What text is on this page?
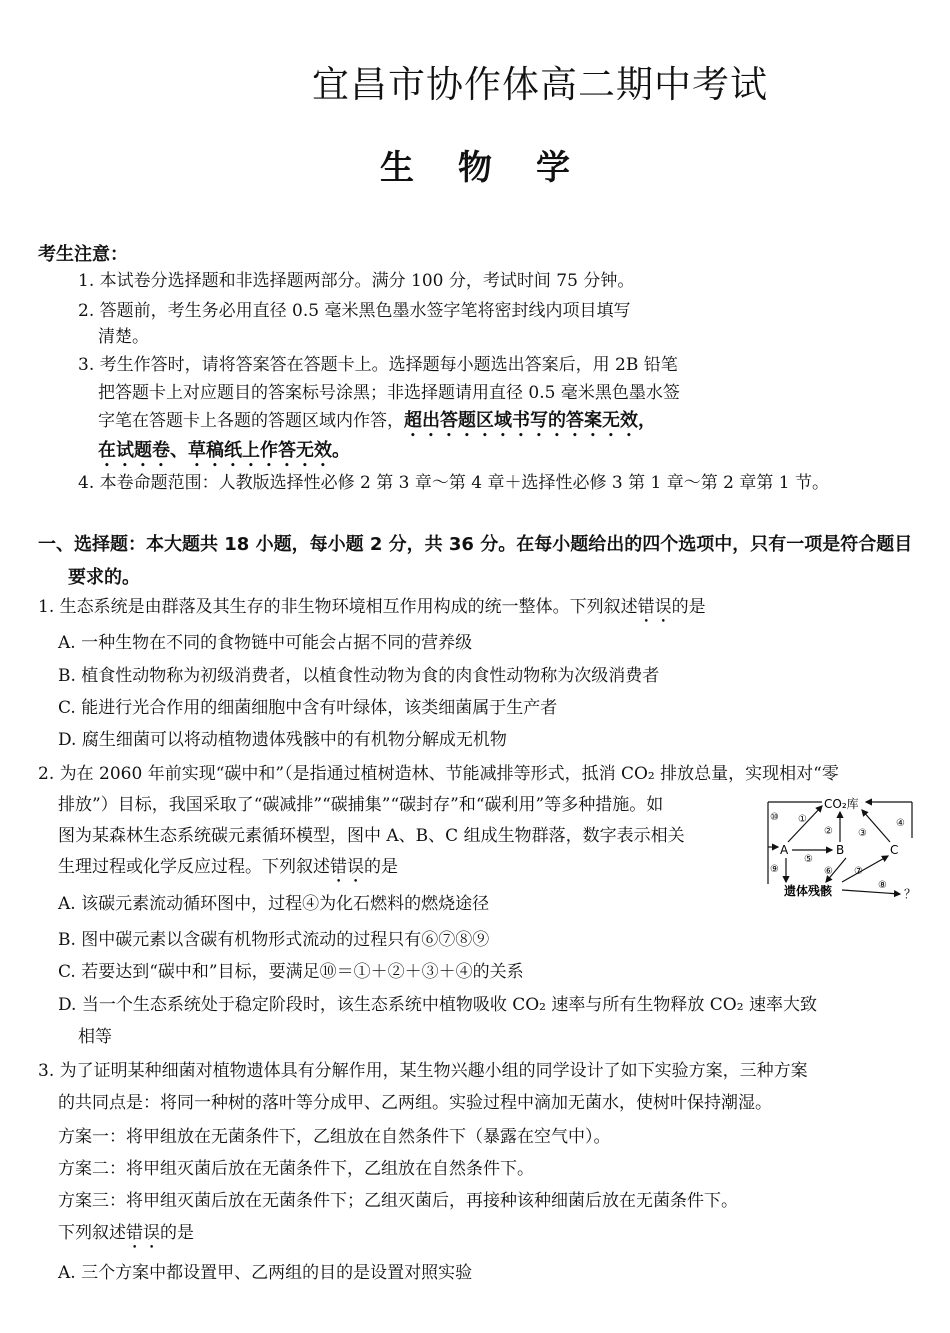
宜昌市协作体高二期中考试
生 物 学
考生注意：
1. 本试卷分选择题和非选择题两部分。满分 100 分，考试时间 75 分钟。
2. 答题前，考生务必用直径 0.5 毫米黑色墨水签字笔将密封线内项目填写
清楚。
3. 考生作答时，请将答案答在答题卡上。选择题每小题选出答案后，用 2B 铅笔
把答题卡上对应题目的答案标号涂黑；非选择题请用直径 0.5 毫米黑色墨水签
字笔在答题卡上各题的答题区域内作答，超出答题区域书写的答案无效，
在试题卷、草稿纸上作答无效。
4. 本卷命题范围：人教版选择性必修 2 第 3 章～第 4 章＋选择性必修 3 第 1 章～第 2 章第 1 节。
一、选择题：本大题共 18 小题，每小题 2 分，共 36 分。在每小题给出的四个选项中，只有一项是符合题目
要求的。
1. 生态系统是由群落及其生存的非生物环境相互作用构成的统一整体。下列叙述错误的是
A. 一种生物在不同的食物链中可能会占据不同的营养级
B. 植食性动物称为初级消费者，以植食性动物为食的肉食性动物称为次级消费者
C. 能进行光合作用的细菌细胞中含有叶绿体，该类细菌属于生产者
D. 腐生细菌可以将动植物遗体残骸中的有机物分解成无机物
2. 为在 2060 年前实现“碳中和”（是指通过植树造林、节能减排等形式，抵消 CO₂ 排放总量，实现相对“零
排放”）目标，我国采取了“碳减排”“碳捕集”“碳封存”和“碳利用”等多种措施。如
图为某森林生态系统碳元素循环模型，图中 A、B、C 组成生物群落，数字表示相关
生理过程或化学反应过程。下列叙述错误的是
CO₂库
A	B	C
遗体残骸	？
①
②	③
④
⑤
⑥ ⑦
⑧
⑨
⑩
A. 该碳元素流动循环图中，过程④为化石燃料的燃烧途径
B. 图中碳元素以含碳有机物形式流动的过程只有⑥⑦⑧⑨
C. 若要达到“碳中和”目标，要满足⑩＝①＋②＋③＋④的关系
D. 当一个生态系统处于稳定阶段时，该生态系统中植物吸收 CO₂ 速率与所有生物释放 CO₂ 速率大致
相等
3. 为了证明某种细菌对植物遗体具有分解作用，某生物兴趣小组的同学设计了如下实验方案，三种方案
的共同点是：将同一种树的落叶等分成甲、乙两组。实验过程中滴加无菌水，使树叶保持潮湿。
方案一：将甲组放在无菌条件下，乙组放在自然条件下（暴露在空气中）。
方案二：将甲组灭菌后放在无菌条件下，乙组放在自然条件下。
方案三：将甲组灭菌后放在无菌条件下；乙组灭菌后，再接种该种细菌后放在无菌条件下。
下列叙述错误的是
A. 三个方案中都设置甲、乙两组的目的是设置对照实验
